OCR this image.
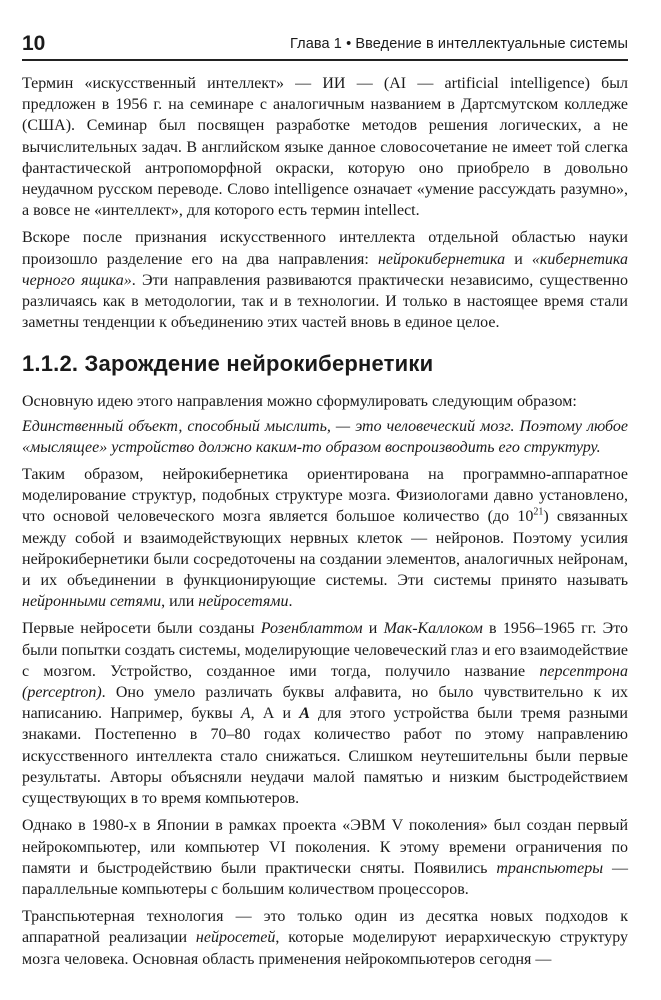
10	Глава 1 • Введение в интеллектуальные системы

Термин «искусственный интеллект» — ИИ — (AI — artificial intelligence) был предложен в 1956 г. на семинаре с аналогичным названием в Дартсмутском колледже (США). Семинар был посвящен разработке методов решения логических, а не вычислительных задач. В английском языке данное словосочетание не имеет той слегка фантастической антропоморфной окраски, которую оно приобрело в довольно неудачном русском переводе. Слово intelligence означает «умение рассуждать разумно», а вовсе не «интеллект», для которого есть термин intellect.

Вскоре после признания искусственного интеллекта отдельной областью науки произошло разделение его на два направления: нейрокибернетика и «кибернетика черного ящика». Эти направления развиваются практически независимо, существенно различаясь как в методологии, так и в технологии. И только в настоящее время стали заметны тенденции к объединению этих частей вновь в единое целое.

1.1.2. Зарождение нейрокибернетики

Основную идею этого направления можно сформулировать следующим образом:

Единственный объект, способный мыслить, — это человеческий мозг. Поэтому любое «мыслящее» устройство должно каким-то образом воспроизводить его структуру.

Таким образом, нейрокибернетика ориентирована на программно-аппаратное моделирование структур, подобных структуре мозга. Физиологами давно установлено, что основой человеческого мозга является большое количество (до $10^{21}$) связанных между собой и взаимодействующих нервных клеток — нейронов. Поэтому усилия нейрокибернетики были сосредоточены на создании элементов, аналогичных нейронам, и их объединении в функционирующие системы. Эти системы принято называть нейронными сетями, или нейросетями.

Первые нейросети были созданы Розенблаттом и Мак-Каллоком в 1956–1965 гг. Это были попытки создать системы, моделирующие человеческий глаз и его взаимодействие с мозгом. Устройство, созданное ими тогда, получило название персептрона (perceptron). Оно умело различать буквы алфавита, но было чувствительно к их написанию. Например, буквы А, А и А для этого устройства были тремя разными знаками. Постепенно в 70–80 годах количество работ по этому направлению искусственного интеллекта стало снижаться. Слишком неутешительны были первые результаты. Авторы объясняли неудачи малой памятью и низким быстродействием существующих в то время компьютеров.

Однако в 1980-х в Японии в рамках проекта «ЭВМ V поколения» был создан первый нейрокомпьютер, или компьютер VI поколения. К этому времени ограничения по памяти и быстродействию были практически сняты. Появились транспьютеры — параллельные компьютеры с большим количеством процессоров.

Транспьютерная технология — это только один из десятка новых подходов к аппаратной реализации нейросетей, которые моделируют иерархическую структуру мозга человека. Основная область применения нейрокомпьютеров сегодня —
